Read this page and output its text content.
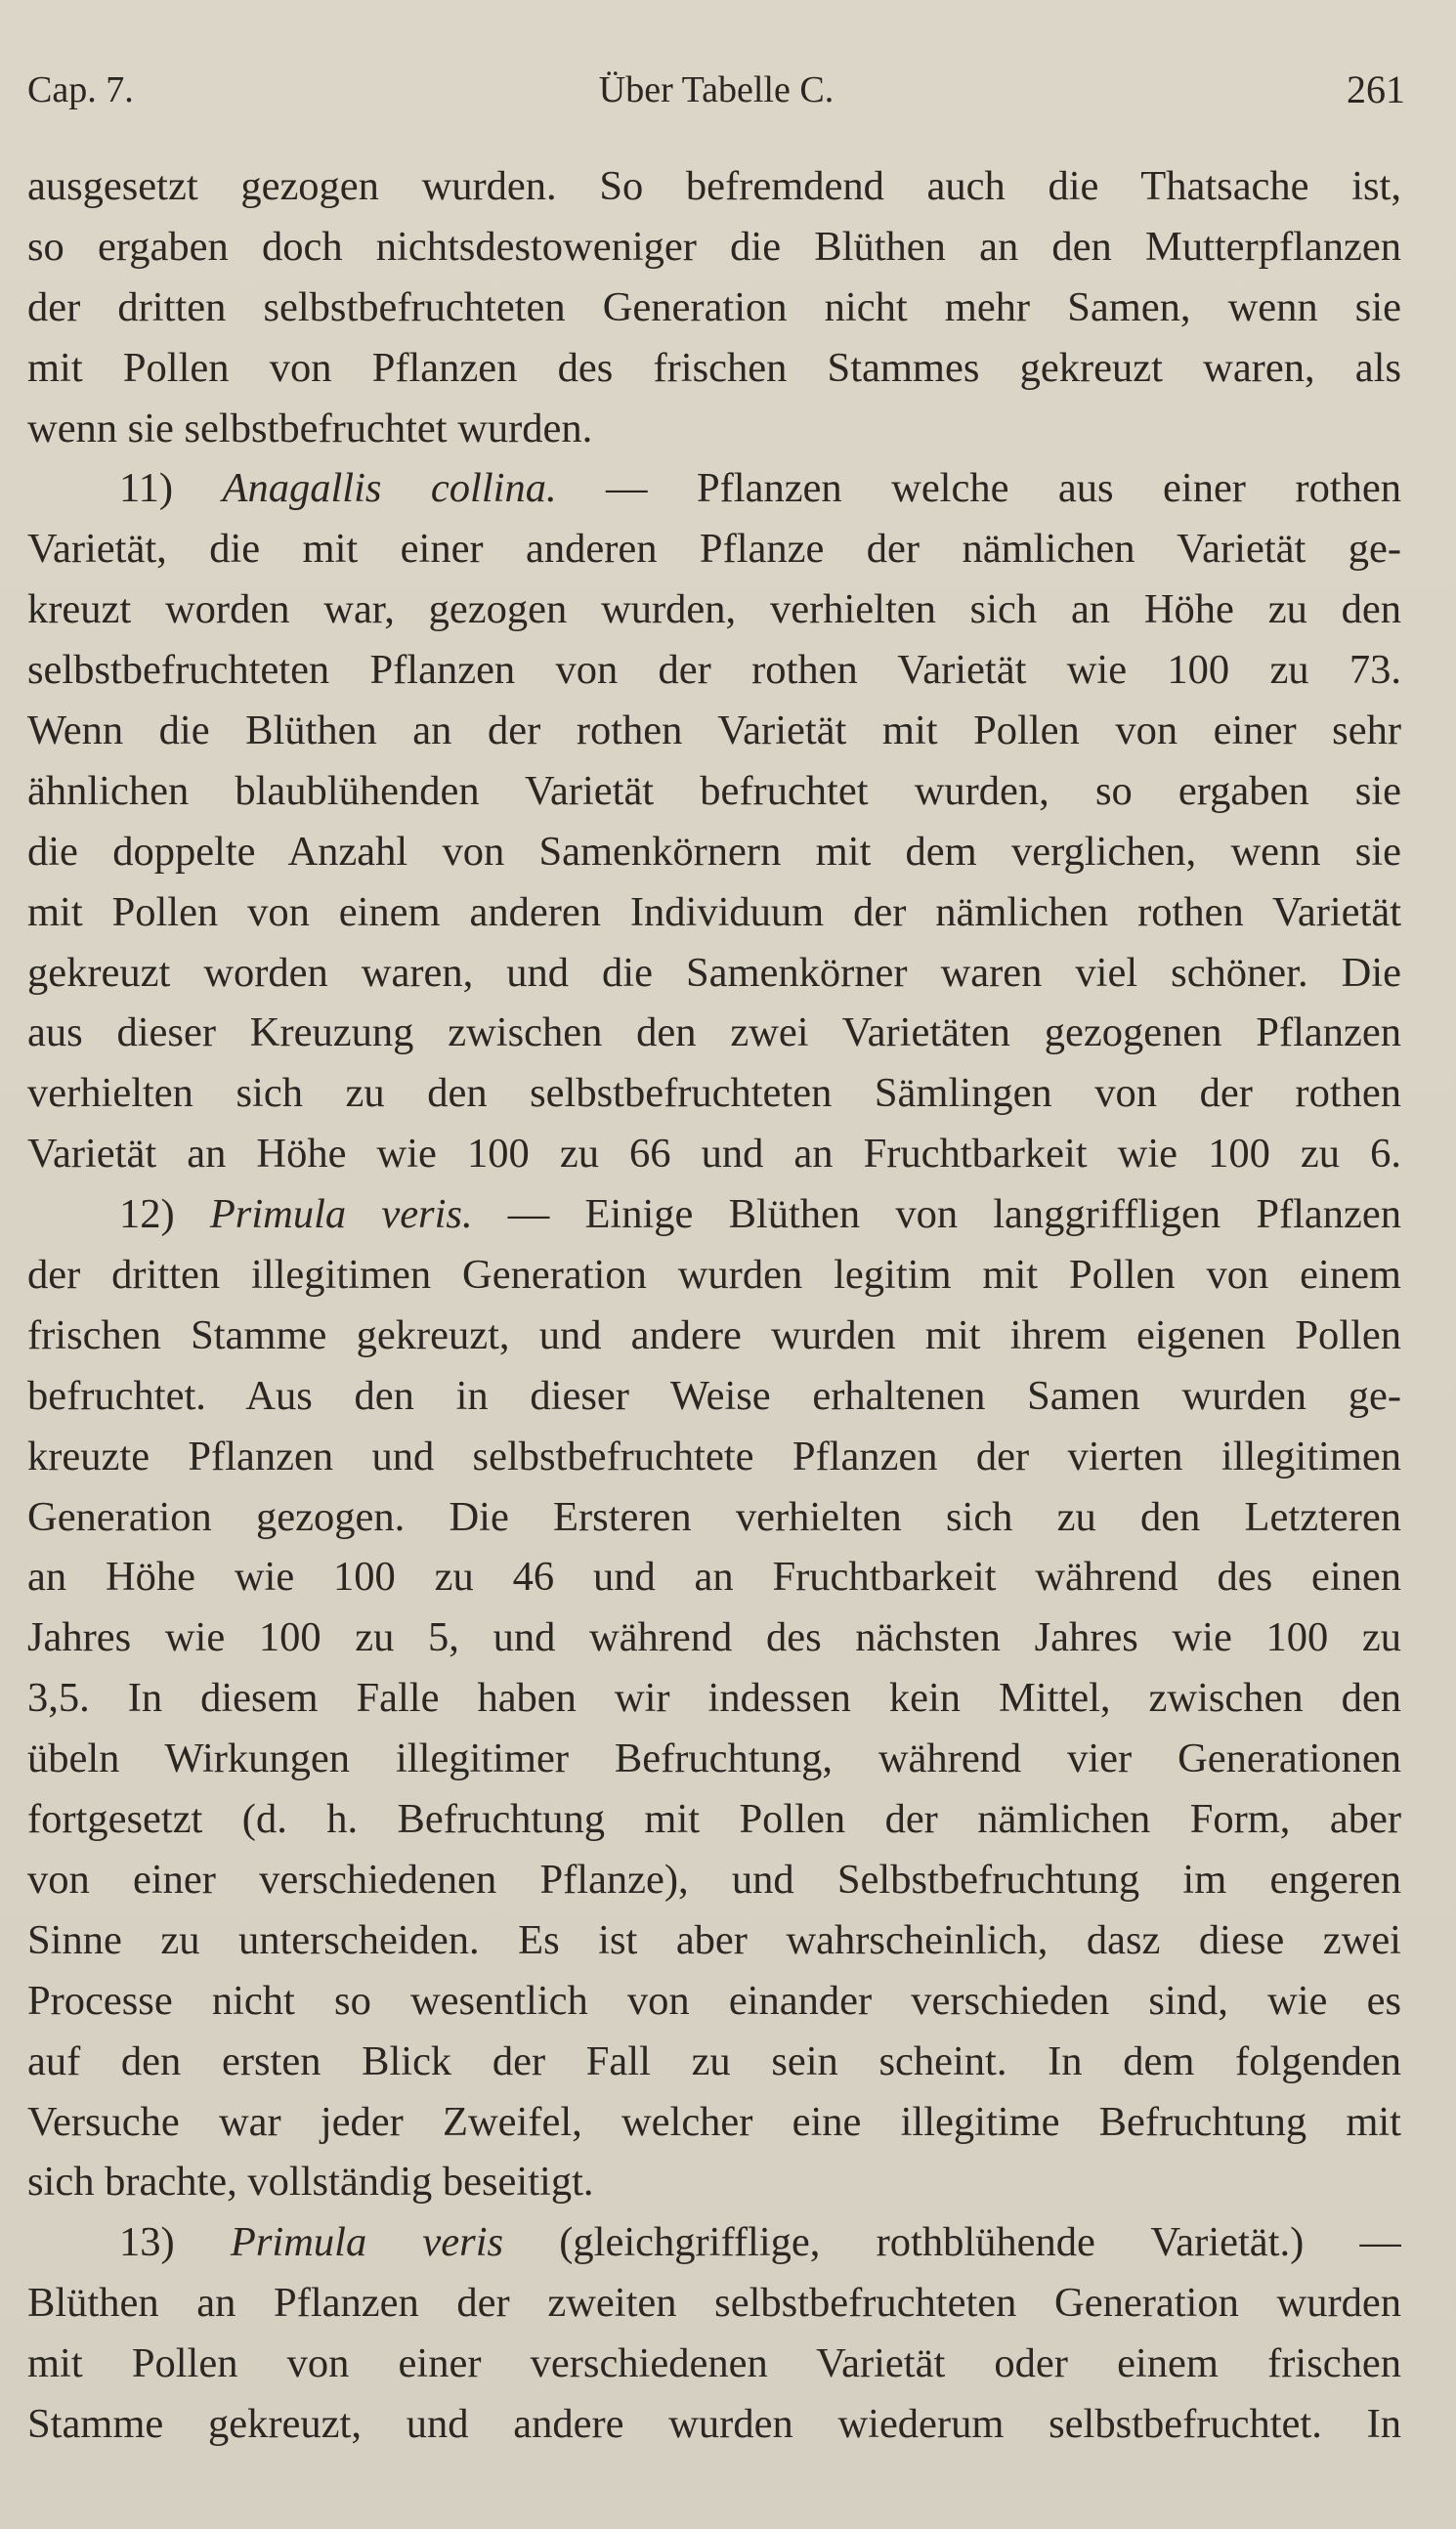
Cap. 7.	Über Tabelle C.	261
ausgesetzt gezogen wurden. So befremdend auch die Thatsache ist,
so ergaben doch nichtsdestoweniger die Blüthen an den Mutterpflanzen
der dritten selbstbefruchteten Generation nicht mehr Samen, wenn sie
mit Pollen von Pflanzen des frischen Stammes gekreuzt waren, als
wenn sie selbstbefruchtet wurden.
11) Anagallis collina. — Pflanzen welche aus einer rothen
Varietät, die mit einer anderen Pflanze der nämlichen Varietät ge-
kreuzt worden war, gezogen wurden, verhielten sich an Höhe zu den
selbstbefruchteten Pflanzen von der rothen Varietät wie 100 zu 73.
Wenn die Blüthen an der rothen Varietät mit Pollen von einer sehr
ähnlichen blaublühenden Varietät befruchtet wurden, so ergaben sie
die doppelte Anzahl von Samenkörnern mit dem verglichen, wenn sie
mit Pollen von einem anderen Individuum der nämlichen rothen Varietät
gekreuzt worden waren, und die Samenkörner waren viel schöner. Die
aus dieser Kreuzung zwischen den zwei Varietäten gezogenen Pflanzen
verhielten sich zu den selbstbefruchteten Sämlingen von der rothen
Varietät an Höhe wie 100 zu 66 und an Fruchtbarkeit wie 100 zu 6.
12) Primula veris. — Einige Blüthen von langgriffligen Pflanzen
der dritten illegitimen Generation wurden legitim mit Pollen von einem
frischen Stamme gekreuzt, und andere wurden mit ihrem eigenen Pollen
befruchtet. Aus den in dieser Weise erhaltenen Samen wurden ge-
kreuzte Pflanzen und selbstbefruchtete Pflanzen der vierten illegitimen
Generation gezogen. Die Ersteren verhielten sich zu den Letzteren
an Höhe wie 100 zu 46 und an Fruchtbarkeit während des einen
Jahres wie 100 zu 5, und während des nächsten Jahres wie 100 zu
3,5. In diesem Falle haben wir indessen kein Mittel, zwischen den
übeln Wirkungen illegitimer Befruchtung, während vier Generationen
fortgesetzt (d. h. Befruchtung mit Pollen der nämlichen Form, aber
von einer verschiedenen Pflanze), und Selbstbefruchtung im engeren
Sinne zu unterscheiden. Es ist aber wahrscheinlich, dasz diese zwei
Processe nicht so wesentlich von einander verschieden sind, wie es
auf den ersten Blick der Fall zu sein scheint. In dem folgenden
Versuche war jeder Zweifel, welcher eine illegitime Befruchtung mit
sich brachte, vollständig beseitigt.
13) Primula veris (gleichgrifflige, rothblühende Varietät.) —
Blüthen an Pflanzen der zweiten selbstbefruchteten Generation wurden
mit Pollen von einer verschiedenen Varietät oder einem frischen
Stamme gekreuzt, und andere wurden wiederum selbstbefruchtet. In
